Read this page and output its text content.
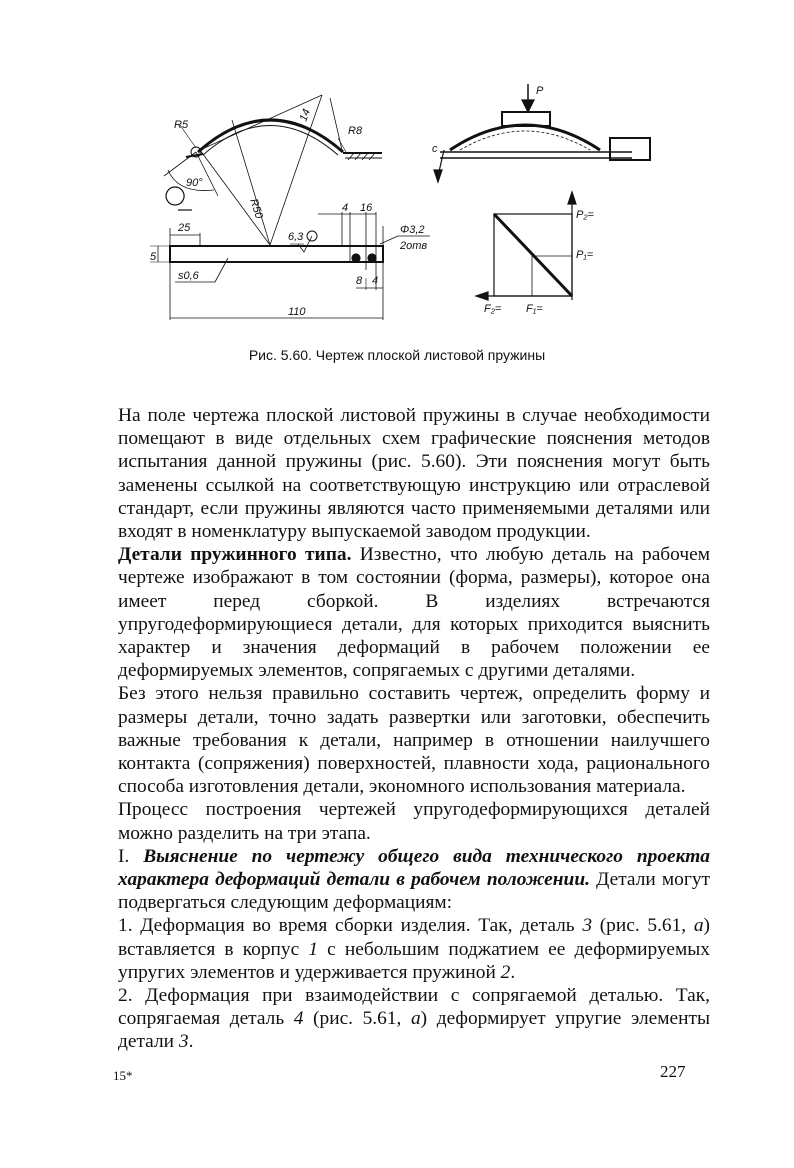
R5	R8
14
90°
R50	4 16
Φ3,2
2отв
6,3
25
5
s0,6	8 4
110
P
c
P₂=
P₁=
F₂= F₁=
Рис. 5.60. Чертеж плоской листовой пружины

На поле чертежа плоской листовой пружины в случае необходимости помещают в виде отдельных схем графические пояснения методов испытания данной пружины (рис. 5.60). Эти пояснения могут быть заменены ссылкой на соответствующую инструкцию или отраслевой стандарт, если пружины являются часто применяемыми деталями или входят в номенклатуру выпускаемой заводом продукции.

Детали пружинного типа. Известно, что любую деталь на рабочем чертеже изображают в том состоянии (форма, размеры), которое она имеет перед сборкой. В изделиях встречаются упругодеформирующиеся детали, для которых приходится выяснить характер и значения деформаций в рабочем положении ее деформируемых элементов, сопрягаемых с другими деталями.

Без этого нельзя правильно составить чертеж, определить форму и размеры детали, точно задать развертки или заготовки, обеспечить важные требования к детали, например в отношении наилучшего контакта (сопряжения) поверхностей, плавности хода, рационального способа изготовления детали, экономного использования материала.

Процесс построения чертежей упругодеформирующихся деталей можно разделить на три этапа.

I. Выяснение по чертежу общего вида технического проекта характера деформаций детали в рабочем положении. Детали могут подвергаться следующим деформациям:

1. Деформация во время сборки изделия. Так, деталь 3 (рис. 5.61, а) вставляется в корпус 1 с небольшим поджатием ее деформируемых упругих элементов и удерживается пружиной 2.

2. Деформация при взаимодействии с сопрягаемой деталью. Так, сопрягаемая деталь 4 (рис. 5.61, а) деформирует упругие элементы детали 3.

15*	227
